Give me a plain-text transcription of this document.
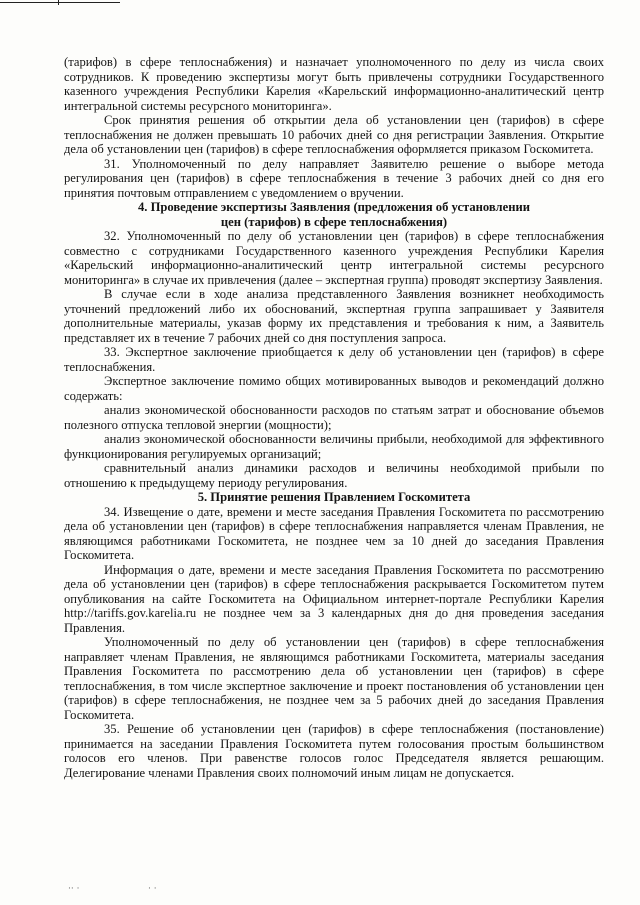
(тарифов) в сфере теплоснабжения) и назначает уполномоченного по делу из числа своих сотрудников. К проведению экспертизы могут быть привлечены сотрудники Государственного казенного учреждения Республики Карелия «Карельский информационно-аналитический центр интегральной системы ресурсного мониторинга».

Срок принятия решения об открытии дела об установлении цен (тарифов) в сфере теплоснабжения не должен превышать 10 рабочих дней со дня регистрации Заявления. Открытие дела об установлении цен (тарифов) в сфере теплоснабжения оформляется приказом Госкомитета.

31. Уполномоченный по делу направляет Заявителю решение о выборе метода регулирования цен (тарифов) в сфере теплоснабжения в течение 3 рабочих дней со дня его принятия почтовым отправлением с уведомлением о вручении.

4. Проведение экспертизы Заявления (предложения об установлении
цен (тарифов) в сфере теплоснабжения)

32. Уполномоченный по делу об установлении цен (тарифов) в сфере теплоснабжения совместно с сотрудниками Государственного казенного учреждения Республики Карелия «Карельский информационно-аналитический центр интегральной системы ресурсного мониторинга» в случае их привлечения (далее – экспертная группа) проводят экспертизу Заявления.

В случае если в ходе анализа представленного Заявления возникнет необходимость уточнений предложений либо их обоснований, экспертная группа запрашивает у Заявителя дополнительные материалы, указав форму их представления и требования к ним, а Заявитель представляет их в течение 7 рабочих дней со дня поступления запроса.

33. Экспертное заключение приобщается к делу об установлении цен (тарифов) в сфере теплоснабжения.

Экспертное заключение помимо общих мотивированных выводов и рекомендаций должно содержать:

анализ экономической обоснованности расходов по статьям затрат и обоснование объемов полезного отпуска тепловой энергии (мощности);

анализ экономической обоснованности величины прибыли, необходимой для эффективного функционирования регулируемых организаций;

сравнительный анализ динамики расходов и величины необходимой прибыли по отношению к предыдущему периоду регулирования.

5. Принятие решения Правлением Госкомитета

34. Извещение о дате, времени и месте заседания Правления Госкомитета по рассмотрению дела об установлении цен (тарифов) в сфере теплоснабжения направляется членам Правления, не являющимся работниками Госкомитета, не позднее чем за 10 дней до заседания Правления Госкомитета.

Информация о дате, времени и месте заседания Правления Госкомитета по рассмотрению дела об установлении цен (тарифов) в сфере теплоснабжения раскрывается Госкомитетом путем опубликования на сайте Госкомитета на Официальном интернет-портале Республики Карелия http://tariffs.gov.karelia.ru не позднее чем за 3 календарных дня до дня проведения заседания Правления.

Уполномоченный по делу об установлении цен (тарифов) в сфере теплоснабжения направляет членам Правления, не являющимся работниками Госкомитета, материалы заседания Правления Госкомитета по рассмотрению дела об установлении цен (тарифов) в сфере теплоснабжения, в том числе экспертное заключение и проект постановления об установлении цен (тарифов) в сфере теплоснабжения, не позднее чем за 5 рабочих дней до заседания Правления Госкомитета.

35. Решение об установлении цен (тарифов) в сфере теплоснабжения (постановление) принимается на заседании Правления Госкомитета путем голосования простым большинством голосов его членов. При равенстве голосов голос Председателя является решающим. Делегирование членами Правления своих полномочий иным лицам не допускается.

·· ·	· ·
